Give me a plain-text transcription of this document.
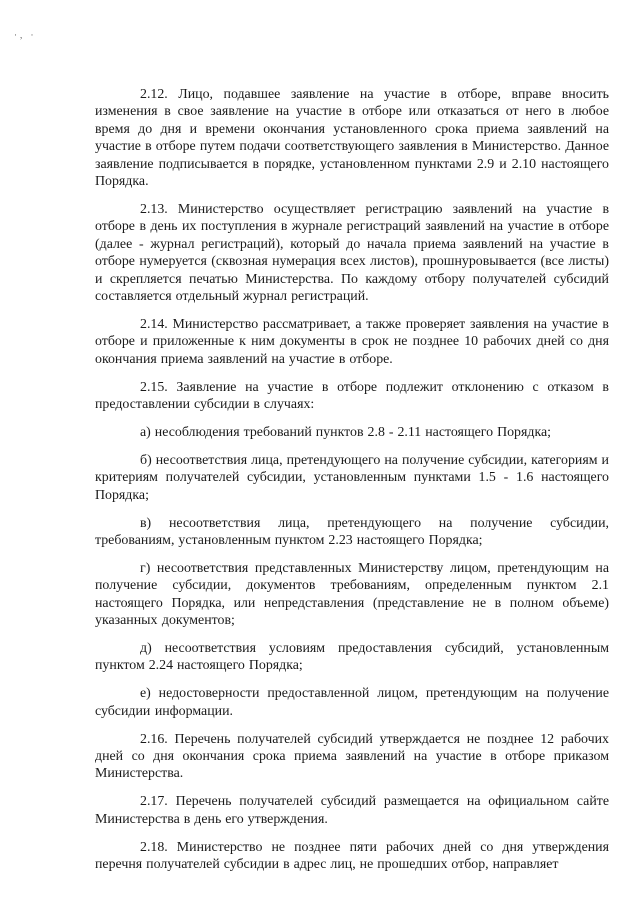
·, ·

2.12. Лицо, подавшее заявление на участие в отборе, вправе вносить изменения в свое заявление на участие в отборе или отказаться от него в любое время до дня и времени окончания установленного срока приема заявлений на участие в отборе путем подачи соответствующего заявления в Министерство. Данное заявление подписывается в порядке, установленном пунктами 2.9 и 2.10 настоящего Порядка.

2.13. Министерство осуществляет регистрацию заявлений на участие в отборе в день их поступления в журнале регистраций заявлений на участие в отборе (далее - журнал регистраций), который до начала приема заявлений на участие в отборе нумеруется (сквозная нумерация всех листов), прошнуровывается (все листы) и скрепляется печатью Министерства. По каждому отбору получателей субсидий составляется отдельный журнал регистраций.

2.14. Министерство рассматривает, а также проверяет заявления на участие в отборе и приложенные к ним документы в срок не позднее 10 рабочих дней со дня окончания приема заявлений на участие в отборе.

2.15. Заявление на участие в отборе подлежит отклонению с отказом в предоставлении субсидии в случаях:

а) несоблюдения требований пунктов 2.8 - 2.11 настоящего Порядка;

б) несоответствия лица, претендующего на получение субсидии, категориям и критериям получателей субсидии, установленным пунктами 1.5 - 1.6 настоящего Порядка;

в) несоответствия лица, претендующего на получение субсидии, требованиям, установленным пунктом 2.23 настоящего Порядка;

г) несоответствия представленных Министерству лицом, претендующим на получение субсидии, документов требованиям, определенным пунктом 2.1 настоящего Порядка, или непредставления (представление не в полном объеме) указанных документов;

д) несоответствия условиям предоставления субсидий, установленным пунктом 2.24 настоящего Порядка;

е) недостоверности предоставленной лицом, претендующим на получение субсидии информации.

2.16. Перечень получателей субсидий утверждается не позднее 12 рабочих дней со дня окончания срока приема заявлений на участие в отборе приказом Министерства.

2.17. Перечень получателей субсидий размещается на официальном сайте Министерства в день его утверждения.

2.18. Министерство не позднее пяти рабочих дней со дня утверждения перечня получателей субсидии в адрес лиц, не прошедших отбор, направляет
